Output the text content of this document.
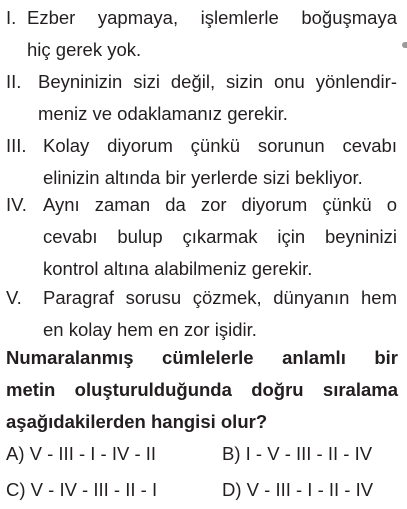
I. Ezber yapmaya, işlemlerle boğuşmaya
hiç gerek yok.
II. Beyninizin sizi değil, sizin onu yönlendir-
meniz ve odaklamanız gerekir.
III. Kolay diyorum çünkü sorunun cevabı
elinizin altında bir yerlerde sizi bekliyor.
IV. Aynı zaman da zor diyorum çünkü o
cevabı bulup çıkarmak için beyninizi
kontrol altına alabilmeniz gerekir.
V. Paragraf sorusu çözmek, dünyanın hem
en kolay hem en zor işidir.
Numaralanmış cümlelerle anlamlı bir
metin oluşturulduğunda doğru sıralama
aşağıdakilerden hangisi olur?
A) V - III - I - IV - II	B) I - V - III - II - IV
C) V - IV - III - II - I	D) V - III - I - II - IV
